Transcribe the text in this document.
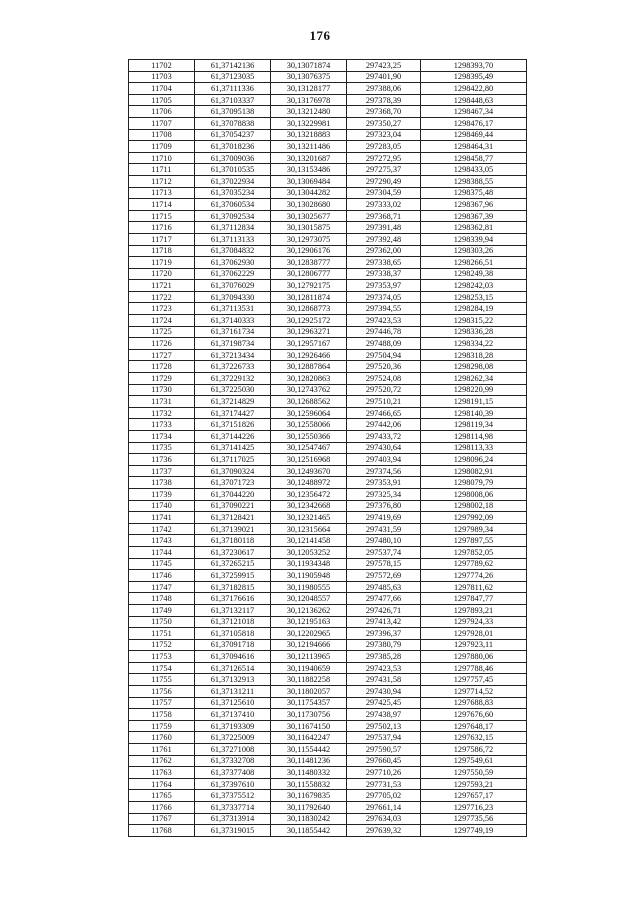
176
11702	61,37142136	30,13071874	297423,25	1298393,70
11703	61,37123035	30,13076375	297401,90	1298395,49
11704	61,37111336	30,13128177	297388,06	1298422,80
11705	61,37103337	30,13176978	297378,39	1298448,63
11706	61,37095138	30,13212480	297368,70	1298467,34
11707	61,37078838	30,13229981	297350,27	1298476,17
11708	61,37054237	30,13218883	297323,04	1298469,44
11709	61,37018236	30,13211486	297283,05	1298464,31
11710	61,37009036	30,13201687	297272,95	1298458,77
11711	61,37010535	30,13153486	297275,37	1298433,05
11712	61,37022934	30,13069484	297290,49	1298388,55
11713	61,37035234	30,13044282	297304,59	1298375,48
11714	61,37060534	30,13028680	297333,02	1298367,96
11715	61,37092534	30,13025677	297368,71	1298367,39
11716	61,37112834	30,13015875	297391,48	1298362,81
11717	61,37113133	30,12973075	297392,48	1298339,94
11718	61,37084832	30,12906176	297362,00	1298303,26
11719	61,37062930	30,12838777	297338,65	1298266,51
11720	61,37062229	30,12806777	297338,37	1298249,38
11721	61,37076029	30,12792175	297353,97	1298242,03
11722	61,37094330	30,12811874	297374,05	1298253,15
11723	61,37113531	30,12868773	297394,55	1298284,19
11724	61,37140333	30,12925172	297423,53	1298315,22
11725	61,37161734	30,12963271	297446,78	1298336,28
11726	61,37198734	30,12957167	297488,09	1298334,22
11727	61,37213434	30,12926466	297504,94	1298318,28
11728	61,37226733	30,12887864	297520,36	1298298,08
11729	61,37229132	30,12820863	297524,08	1298262,34
11730	61,37225030	30,12743762	297520,72	1298220,99
11731	61,37214829	30,12688562	297510,21	1298191,15
11732	61,37174427	30,12596064	297466,65	1298140,39
11733	61,37151826	30,12558066	297442,06	1298119,34
11734	61,37144226	30,12550366	297433,72	1298114,98
11735	61,37141425	30,12547467	297430,64	1298113,33
11736	61,37117025	30,12516968	297403,94	1298096,24
11737	61,37090324	30,12493670	297374,56	1298082,91
11738	61,37071723	30,12488972	297353,91	1298079,79
11739	61,37044220	30,12356472	297325,34	1298008,06
11740	61,37090221	30,12342668	297376,80	1298002,18
11741	61,37128421	30,12321465	297419,69	1297992,09
11742	61,37139021	30,12315664	297431,59	1297989,34
11743	61,37180118	30,12141458	297480,10	1297897,55
11744	61,37230617	30,12053252	297537,74	1297852,05
11745	61,37265215	30,11934348	297578,15	1297789,62
11746	61,37259915	30,11905948	297572,69	1297774,26
11747	61,37182815	30,11980555	297485,63	1297811,62
11748	61,37176616	30,12048557	297477,66	1297847,77
11749	61,37132117	30,12136262	297426,71	1297893,21
11750	61,37121018	30,12195163	297413,42	1297924,33
11751	61,37105818	30,12202965	297396,37	1297928,01
11752	61,37091718	30,12194666	297380,79	1297923,11
11753	61,37094616	30,12113965	297385,28	1297880,06
11754	61,37126514	30,11940659	297423,53	1297788,46
11755	61,37132913	30,11882258	297431,58	1297757,45
11756	61,37131211	30,11802057	297430,94	1297714,52
11757	61,37125610	30,11754357	297425,45	1297688,83
11758	61,37137410	30,11730756	297438,97	1297676,60
11759	61,37193309	30,11674150	297502,13	1297648,17
11760	61,37225009	30,11642247	297537,94	1297632,15
11761	61,37271008	30,11554442	297590,57	1297586,72
11762	61,37332708	30,11481236	297660,45	1297549,61
11763	61,37377408	30,11480332	297710,26	1297550,59
11764	61,37397610	30,11558832	297731,53	1297593,21
11765	61,37375512	30,11679835	297705,02	1297657,17
11766	61,37337714	30,11792640	297661,14	1297716,23
11767	61,37313914	30,11830242	297634,03	1297735,56
11768	61,37319015	30,11855442	297639,32	1297749,19
